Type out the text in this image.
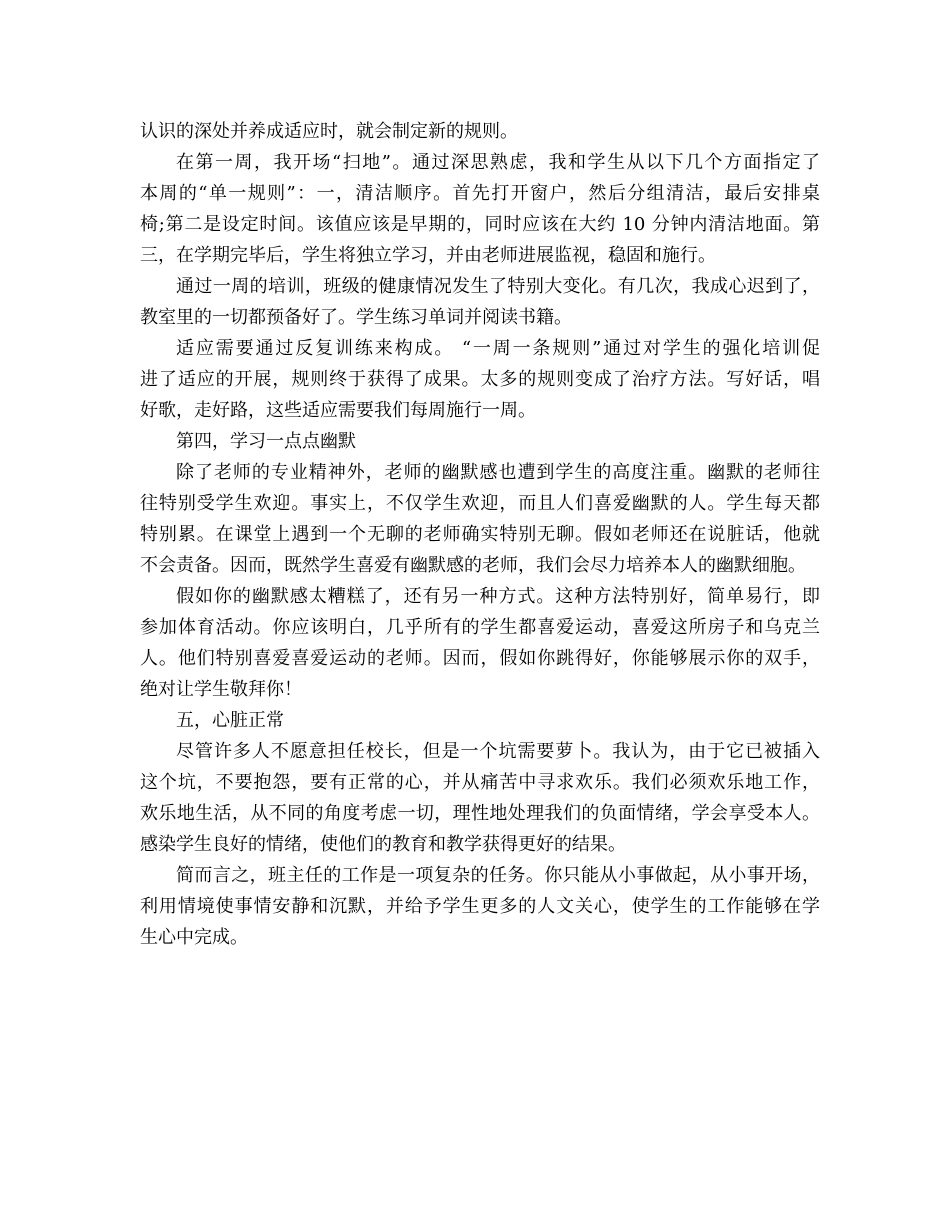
认识的深处并养成适应时，就会制定新的规则。
在第一周，我开场“扫地”。通过深思熟虑，我和学生从以下几个方面指定了
本周的“单一规则”：一，清洁顺序。首先打开窗户，然后分组清洁，最后安排桌
椅;第二是设定时间。该值应该是早期的，同时应该在大约 10 分钟内清洁地面。第
三，在学期完毕后，学生将独立学习，并由老师进展监视，稳固和施行。
通过一周的培训，班级的健康情况发生了特别大变化。有几次，我成心迟到了，
教室里的一切都预备好了。学生练习单词并阅读书籍。
适应需要通过反复训练来构成。 “一周一条规则”通过对学生的强化培训促
进了适应的开展，规则终于获得了成果。太多的规则变成了治疗方法。写好话，唱
好歌，走好路，这些适应需要我们每周施行一周。
第四，学习一点点幽默
除了老师的专业精神外，老师的幽默感也遭到学生的高度注重。幽默的老师往
往特别受学生欢迎。事实上，不仅学生欢迎，而且人们喜爱幽默的人。学生每天都
特别累。在课堂上遇到一个无聊的老师确实特别无聊。假如老师还在说脏话，他就
不会责备。因而，既然学生喜爱有幽默感的老师，我们会尽力培养本人的幽默细胞。
假如你的幽默感太糟糕了，还有另一种方式。这种方法特别好，简单易行，即
参加体育活动。你应该明白，几乎所有的学生都喜爱运动，喜爱这所房子和乌克兰
人。他们特别喜爱喜爱运动的老师。因而，假如你跳得好，你能够展示你的双手，
绝对让学生敬拜你！
五，心脏正常
尽管许多人不愿意担任校长，但是一个坑需要萝卜。我认为，由于它已被插入
这个坑，不要抱怨，要有正常的心，并从痛苦中寻求欢乐。我们必须欢乐地工作，
欢乐地生活，从不同的角度考虑一切，理性地处理我们的负面情绪，学会享受本人。
感染学生良好的情绪，使他们的教育和教学获得更好的结果。
简而言之，班主任的工作是一项复杂的任务。你只能从小事做起，从小事开场，
利用情境使事情安静和沉默，并给予学生更多的人文关心，使学生的工作能够在学
生心中完成。
